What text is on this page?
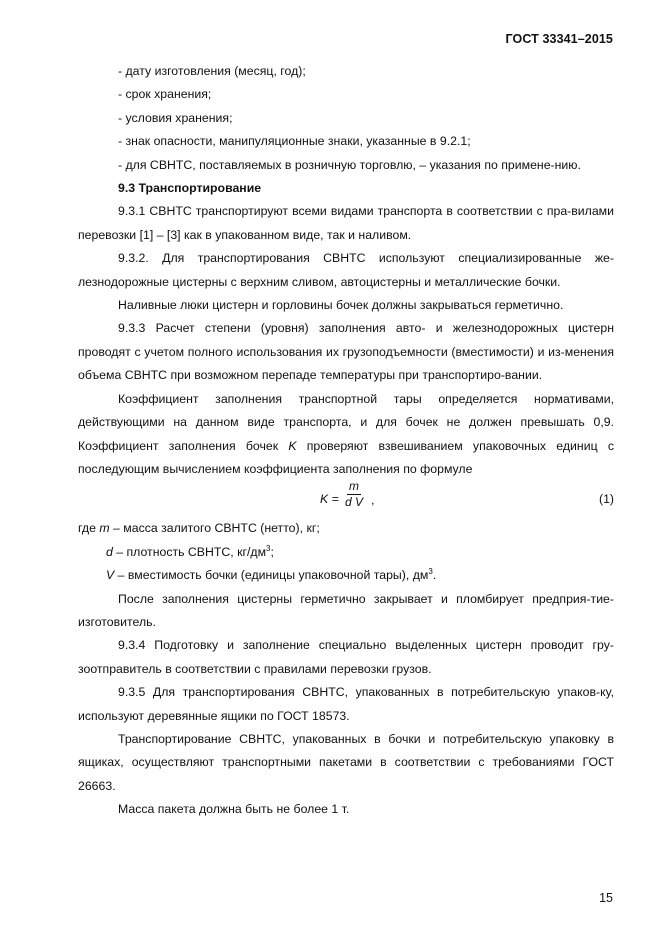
ГОСТ 33341–2015

- дату изготовления (месяц, год);

- срок хранения;

- условия хранения;

- знак опасности, манипуляционные знаки, указанные в 9.2.1;

- для СВНТС, поставляемых в розничную торговлю, – указания по примене-нию.

9.3 Транспортирование

9.3.1 СВНТС транспортируют всеми видами транспорта в соответствии с пра-вилами перевозки [1] – [3] как в упакованном виде, так и наливом.

9.3.2. Для транспортирования СВНТС используют специализированные же-лезнодорожные цистерны с верхним сливом, автоцистерны и металлические бочки.

Наливные люки цистерн и горловины бочек должны закрываться герметично.

9.3.3 Расчет степени (уровня) заполнения авто- и железнодорожных цистерн проводят с учетом полного использования их грузоподъемности (вместимости) и из-менения объема СВНТС при возможном перепаде температуры при транспортиро-вании.

Коэффициент заполнения транспортной тары определяется нормативами, действующими на данном виде транспорта, и для бочек не должен превышать 0,9. Коэффициент заполнения бочек K проверяют взвешиванием упаковочных единиц с последующим вычислением коэффициента заполнения по формуле

$K = \frac{m}{\text{d V}}$ ,	(1)

где m – масса залитого СВНТС (нетто), кг;

d – плотность СВНТС, $кг/дм^3$;

V – вместимость бочки (единицы упаковочной тары), $дм^3$.

После заполнения цистерны герметично закрывает и пломбирует предприя-тие-изготовитель.

9.3.4 Подготовку и заполнение специально выделенных цистерн проводит гру-зоотправитель в соответствии с правилами перевозки грузов.

9.3.5 Для транспортирования СВНТС, упакованных в потребительскую упаков-ку, используют деревянные ящики по ГОСТ 18573.

Транспортирование СВНТС, упакованных в бочки и потребительскую упаковку в ящиках, осуществляют транспортными пакетами в соответствии с требованиями ГОСТ 26663.

Масса пакета должна быть не более 1 т.

15
